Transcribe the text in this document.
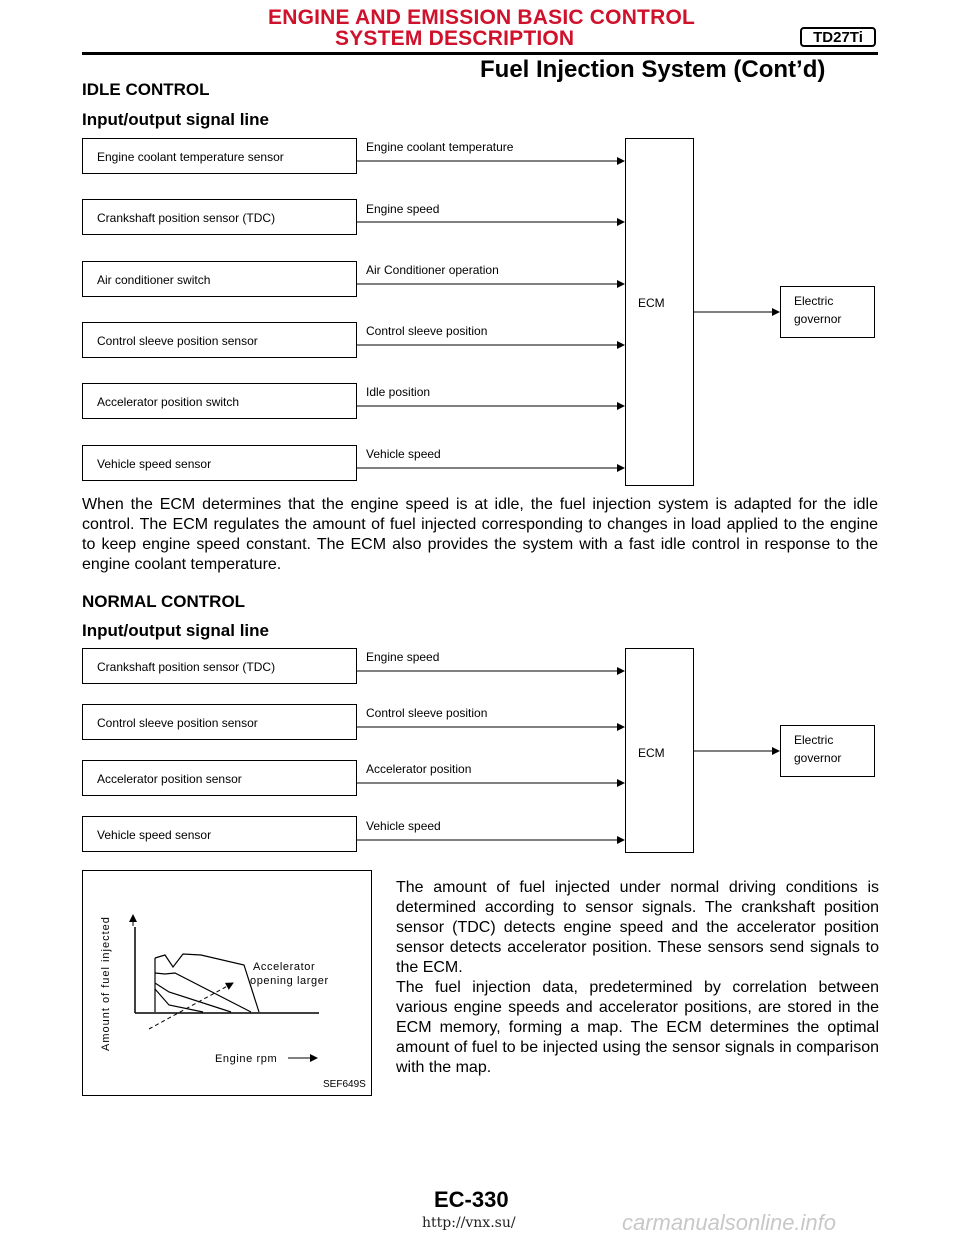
ENGINE AND EMISSION BASIC CONTROL
SYSTEM DESCRIPTION	TD27Ti
Fuel Injection System (Cont’d)
IDLE CONTROL
Input/output signal line
Engine coolant temperature sensor
Crankshaft position sensor (TDC)
Air conditioner switch
Control sleeve position sensor
Accelerator position switch
Vehicle speed sensor
Engine coolant temperature
Engine speed
Air Conditioner operation
Control sleeve position
Idle position
Vehicle speed
ECM	Electric
governor

When the ECM determines that the engine speed is at idle, the fuel injection system is adapted for the idle control. The ECM regulates the amount of fuel injected corresponding to changes in load applied to the engine to keep engine speed constant. The ECM also provides the system with a fast idle control in response to the engine coolant temperature.

NORMAL CONTROL
Input/output signal line
Crankshaft position sensor (TDC)
Control sleeve position sensor
Accelerator position sensor
Vehicle speed sensor
Engine speed
Control sleeve position
Accelerator position
Vehicle speed
ECM
Electric
governor
Amount of fuel injected
Engine rpm
Accelerator
opening larger
SEF649S

The amount of fuel injected under normal driving conditions is determined according to sensor signals. The crankshaft position sensor (TDC) detects engine speed and the accelerator position sensor detects accelerator position. These sensors send signals to the ECM.

The fuel injection data, predetermined by correlation between various engine speeds and accelerator positions, are stored in the ECM memory, forming a map. The ECM determines the optimal amount of fuel to be injected using the sensor signals in comparison with the map.

EC-330
http://vnx.su/	carmanualsonline.info
